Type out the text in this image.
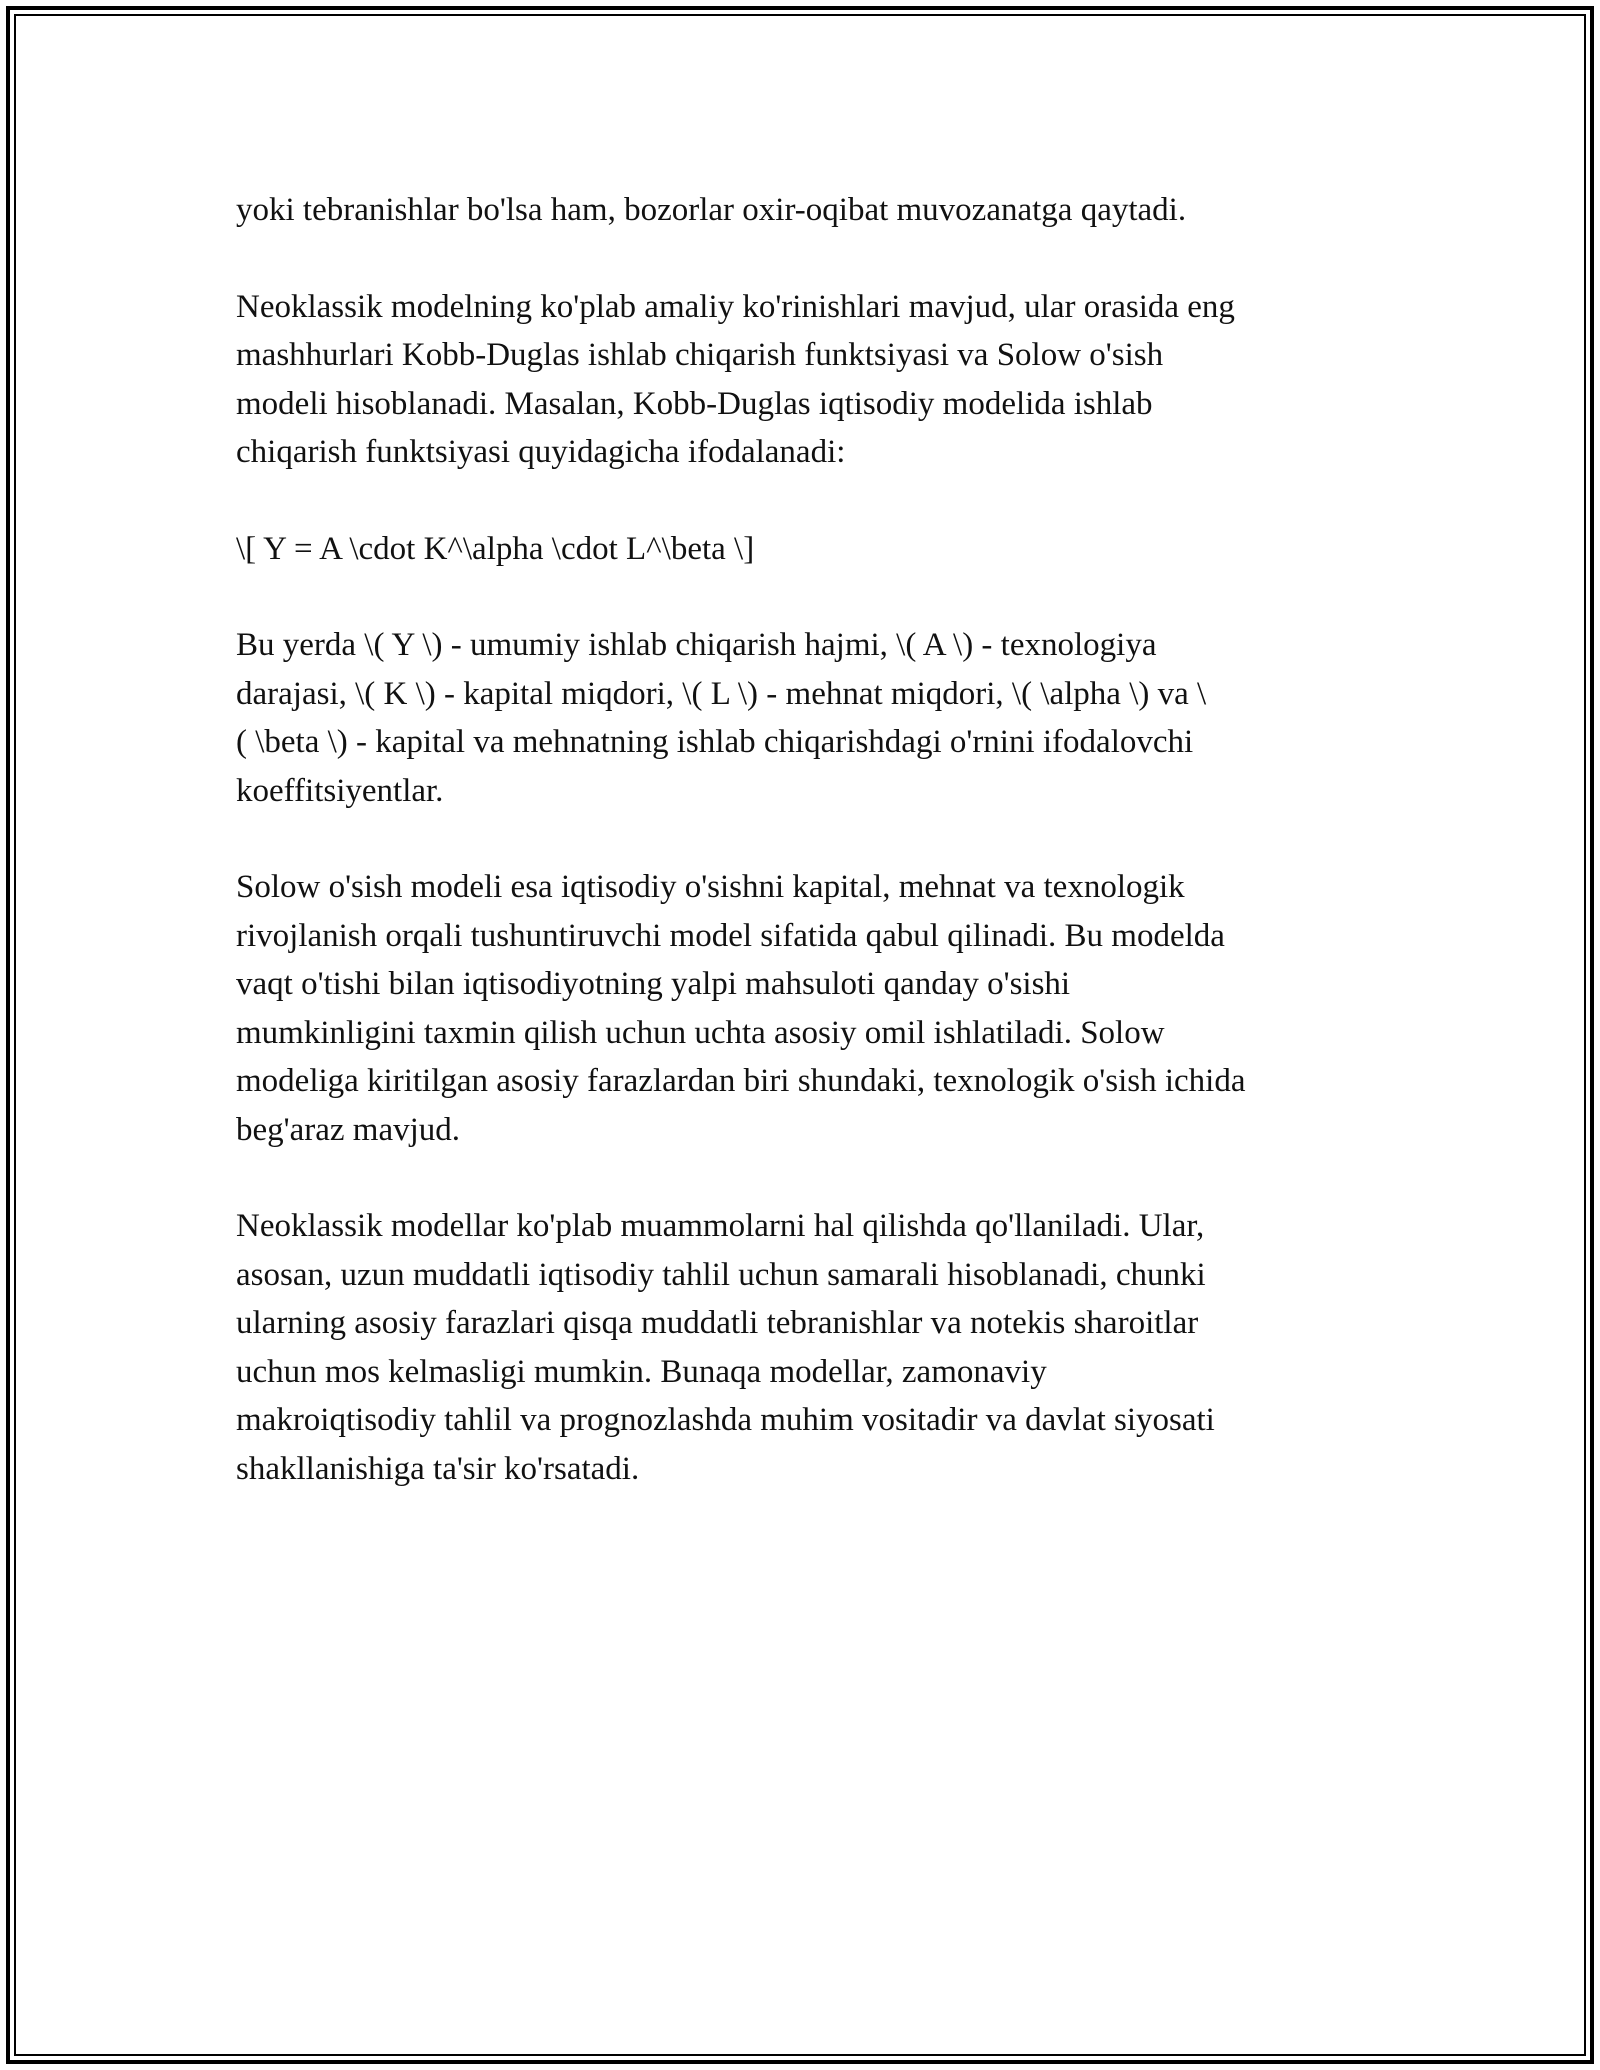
yoki tebranishlar bo'lsa ham, bozorlar oxir-oqibat muvozanatga qaytadi.

Neoklassik modelning ko'plab amaliy ko'rinishlari mavjud, ular orasida eng
mashhurlari Kobb-Duglas ishlab chiqarish funktsiyasi va Solow o'sish
modeli hisoblanadi. Masalan, Kobb-Duglas iqtisodiy modelida ishlab
chiqarish funktsiyasi quyidagicha ifodalanadi:

\[ Y = A \cdot K^\alpha \cdot L^\beta \]

Bu yerda \( Y \) - umumiy ishlab chiqarish hajmi, \( A \) - texnologiya
darajasi, \( K \) - kapital miqdori, \( L \) - mehnat miqdori, \( \alpha \) va \
( \beta \) - kapital va mehnatning ishlab chiqarishdagi o'rnini ifodalovchi
koeffitsiyentlar.

Solow o'sish modeli esa iqtisodiy o'sishni kapital, mehnat va texnologik
rivojlanish orqali tushuntiruvchi model sifatida qabul qilinadi. Bu modelda
vaqt o'tishi bilan iqtisodiyotning yalpi mahsuloti qanday o'sishi
mumkinligini taxmin qilish uchun uchta asosiy omil ishlatiladi. Solow
modeliga kiritilgan asosiy farazlardan biri shundaki, texnologik o'sish ichida
beg'araz mavjud.

Neoklassik modellar ko'plab muammolarni hal qilishda qo'llaniladi. Ular,
asosan, uzun muddatli iqtisodiy tahlil uchun samarali hisoblanadi, chunki
ularning asosiy farazlari qisqa muddatli tebranishlar va notekis sharoitlar
uchun mos kelmasligi mumkin. Bunaqa modellar, zamonaviy
makroiqtisodiy tahlil va prognozlashda muhim vositadir va davlat siyosati
shakllanishiga ta'sir ko'rsatadi.
